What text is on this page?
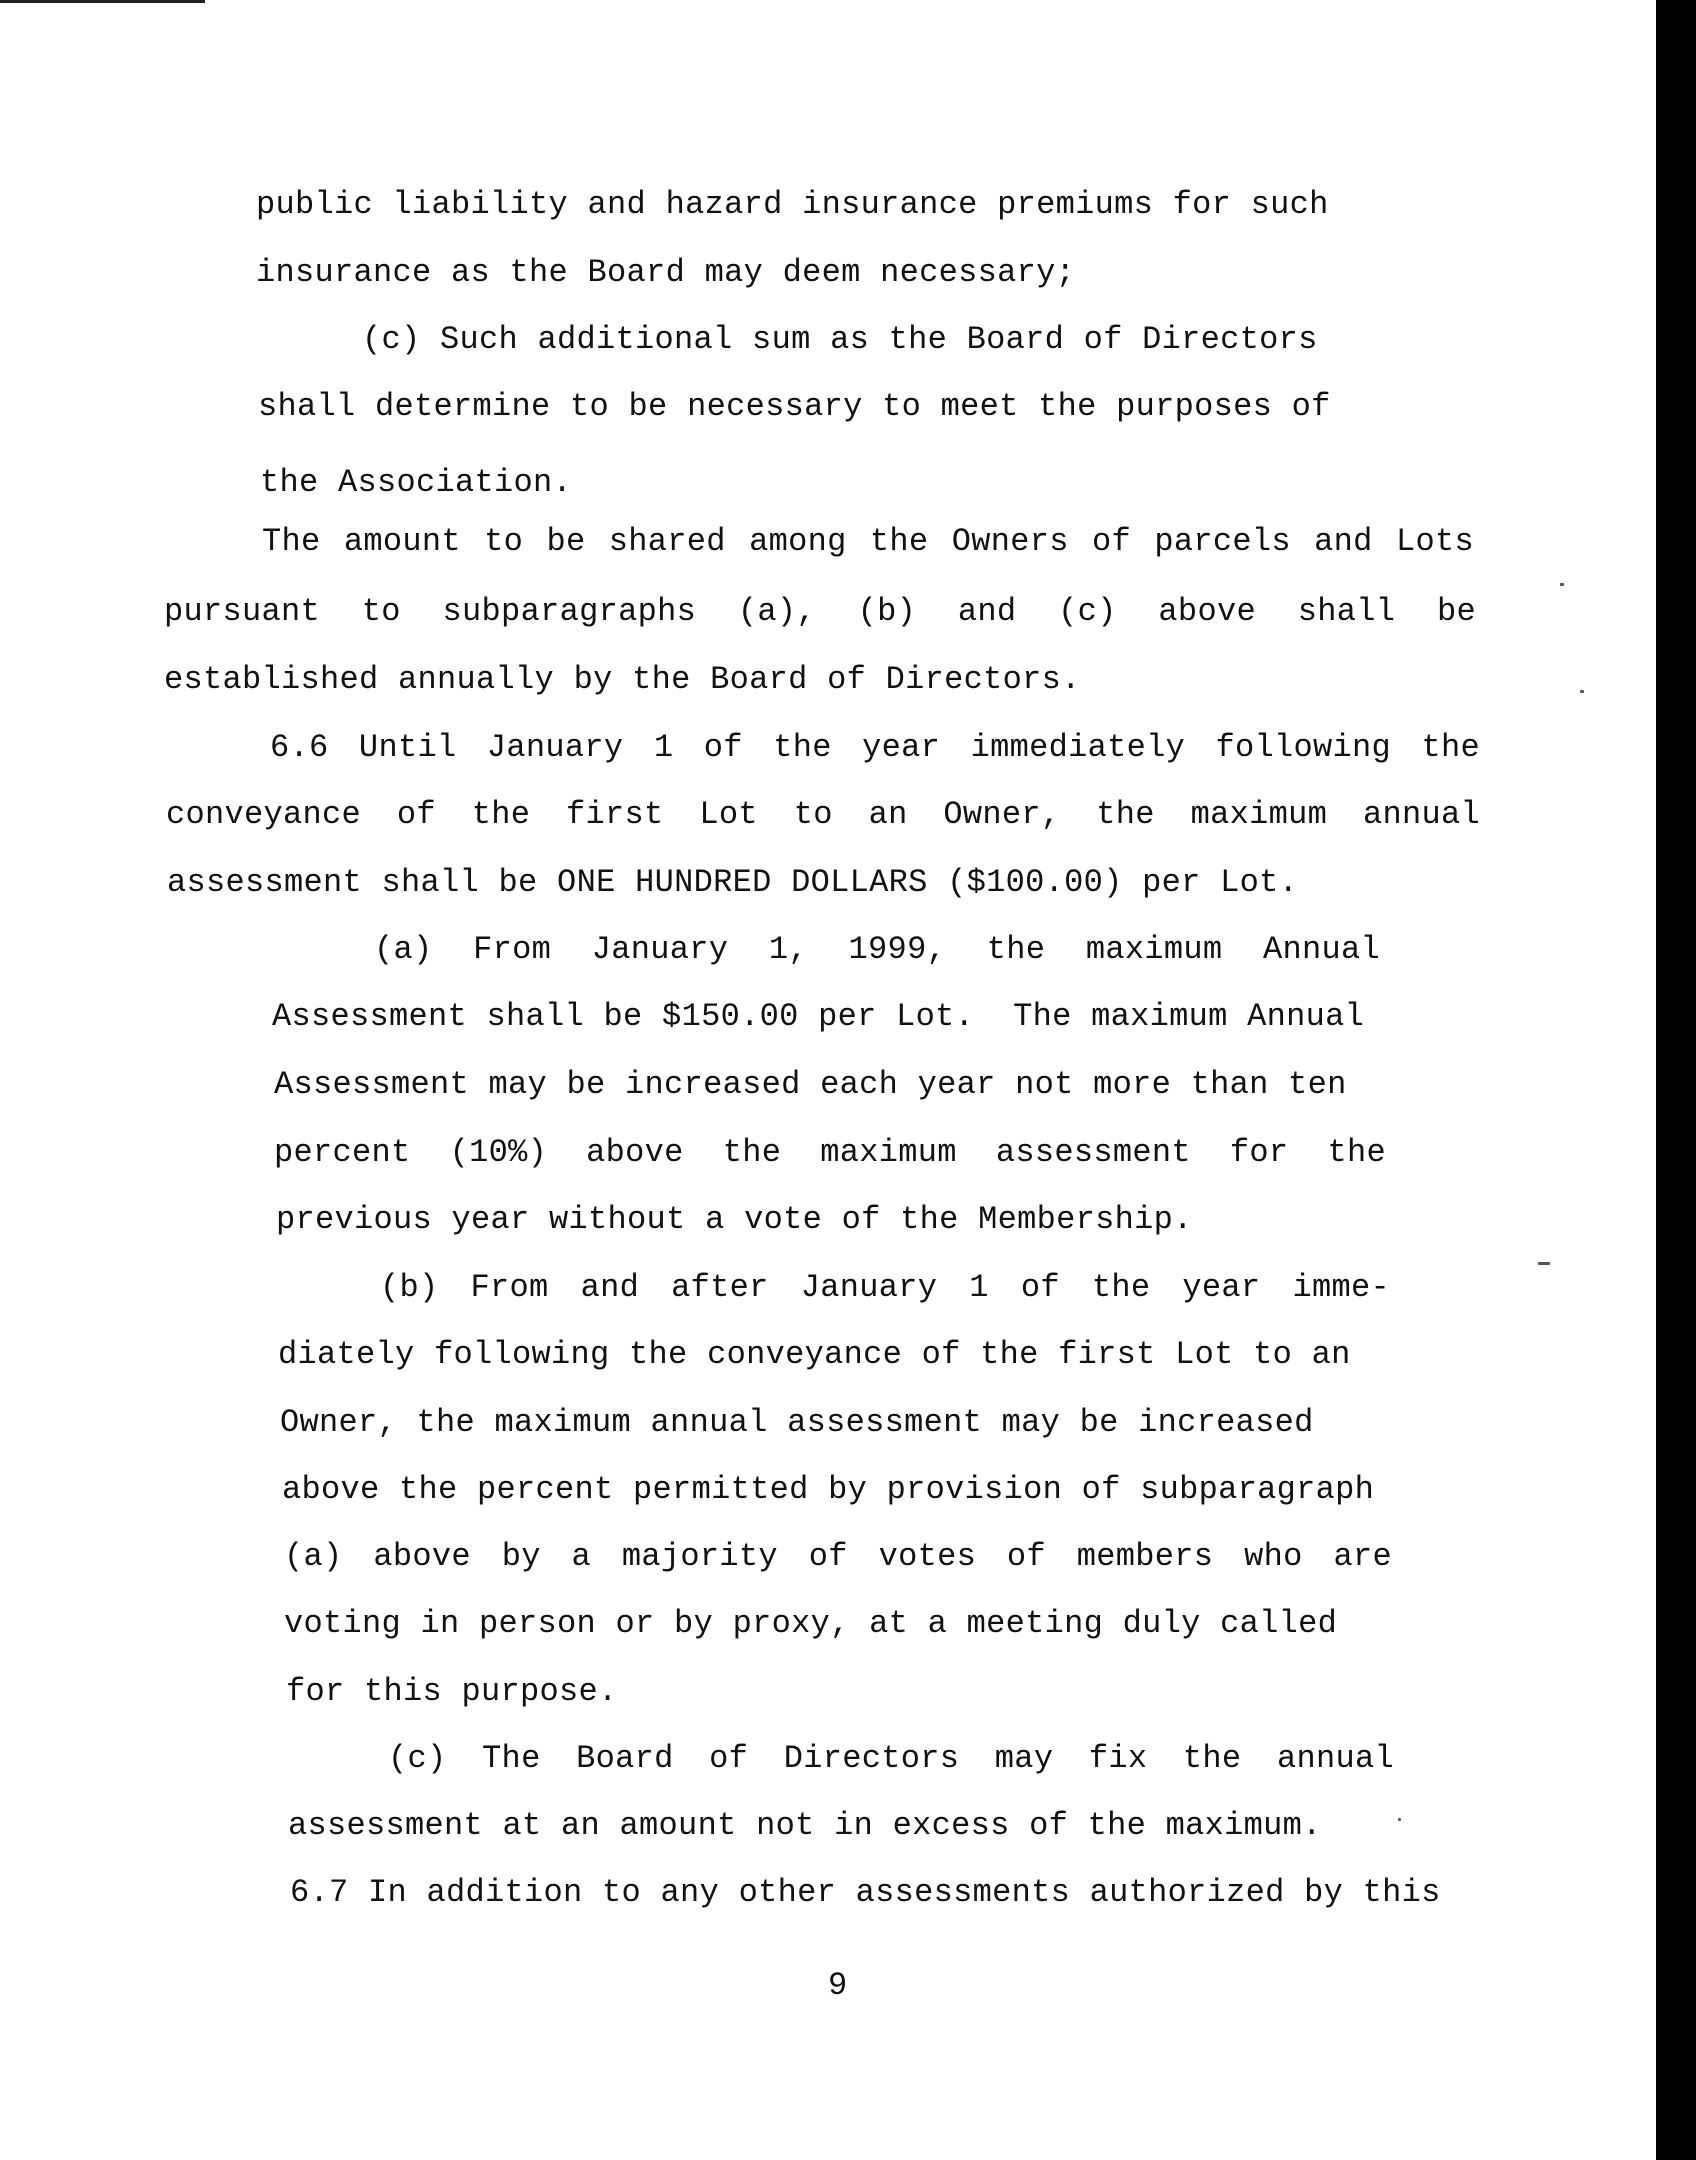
public liability and hazard insurance premiums for such
insurance as the Board may deem necessary;
(c) Such additional sum as the Board of Directors
shall determine to be necessary to meet the purposes of
the Association.
The amount to be shared among the Owners of parcels and Lots
pursuant to subparagraphs (a), (b) and (c) above shall be
established annually by the Board of Directors.
6.6 Until January 1 of the year immediately following the
conveyance of the first Lot to an Owner, the maximum annual
assessment shall be ONE HUNDRED DOLLARS ($100.00) per Lot.
(a) From January 1, 1999, the maximum Annual
Assessment shall be $150.00 per Lot.  The maximum Annual
Assessment may be increased each year not more than ten
percent (10%) above the maximum assessment for the
previous year without a vote of the Membership.
(b) From and after January 1 of the year imme-
diately following the conveyance of the first Lot to an
Owner, the maximum annual assessment may be increased
above the percent permitted by provision of subparagraph
(a) above by a majority of votes of members who are
voting in person or by proxy, at a meeting duly called
for this purpose.
(c) The Board of Directors may fix the annual
assessment at an amount not in excess of the maximum.
6.7 In addition to any other assessments authorized by this
9
